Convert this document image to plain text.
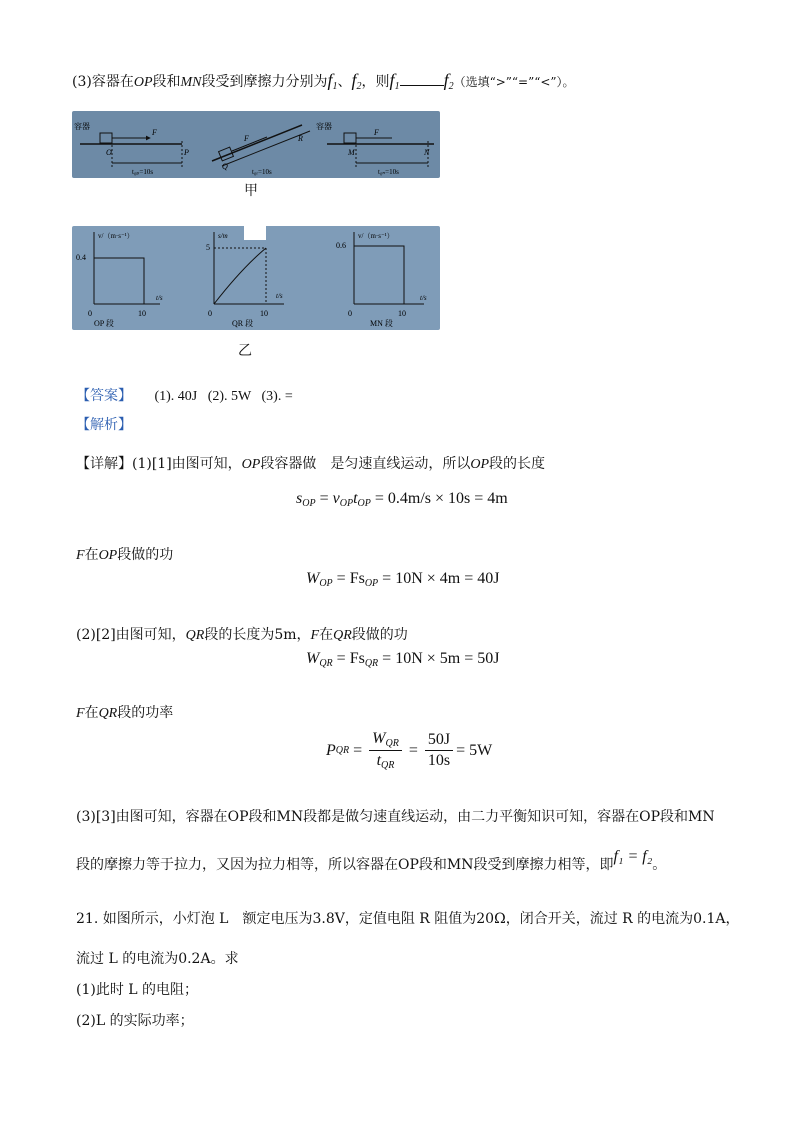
(3)容器在OP段和MN段受到摩擦力分别为$f_1$、$f_2$，则$f_1$ $f_2$（选填“>”“=”“<”）。
容器
F
O	P
t₀ₚ=10s
F
Q
R
t₀ᵣ=10s
容器
F
M	N
t₀ₙ=10s
甲
v/（m·s⁻¹）
0.4
t/s
0	10
OP 段
s/m
5
t/s
0	10
QR 段
v/（m·s⁻¹）
0.6
t/s
0	10
MN 段
乙
【答案】 (1). 40J   (2). 5W   (3). =
【解析】
【详解】(1)[1]由图可知，OP段容器做　是匀速直线运动，所以OP段的长度
$s_{OP} = v_{OP}t_{OP} = 0.4m/s \times 10s = 4m$
F在OP段做的功
$W_{OP} = Fs_{OP} = 10N \times 4m = 40J$
(2)[2]由图可知，QR段的长度为5m，F在QR段做的功
$W_{QR} = Fs_{QR} = 10N \times 5m = 50J$
F在QR段的功率
P QR = $\frac{W_{QR}}{t_{QR}} = \frac{50J}{10s} = 5W$
(3)[3]由图可知，容器在OP段和MN段都是做匀速直线运动，由二力平衡知识可知，容器在OP段和MN
段的摩擦力等于拉力，又因为拉力相等，所以容器在OP段和MN段受到摩擦力相等，即f₁ = f₂。
21. 如图所示，小灯泡 L　额定电压为3.8V，定值电阻 R 阻值为20Ω，闭合开关，流过 R 的电流为0.1A，
流过 L 的电流为0.2A。求
(1)此时 L 的电阻；
(2)L 的实际功率；
